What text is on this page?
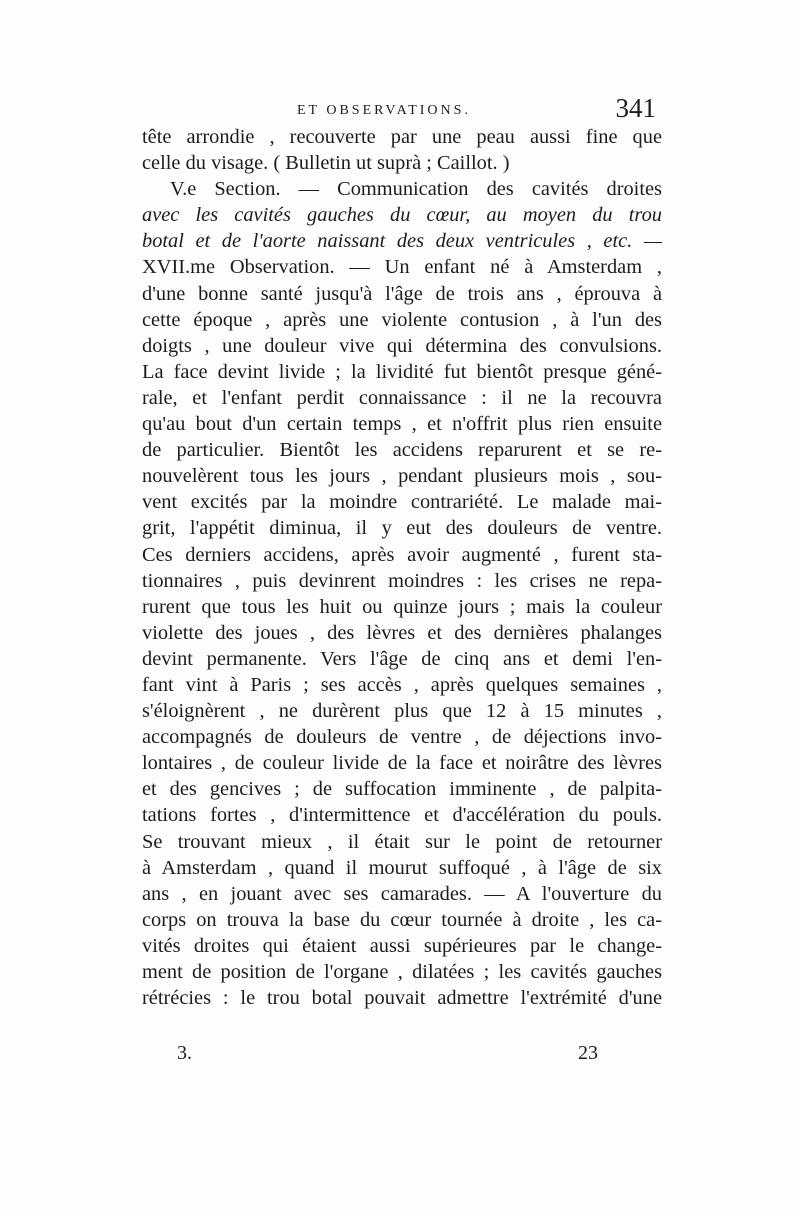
ET OBSERVATIONS.	341
tête arrondie , recouverte par une peau aussi fine que
celle du visage. ( Bulletin ut suprà ; Caillot. )
V.e Section. — Communication des cavités droites
avec les cavités gauches du cœur, au moyen du trou
botal et de l'aorte naissant des deux ventricules , etc. —
XVII.me Observation. — Un enfant né à Amsterdam ,
d'une bonne santé jusqu'à l'âge de trois ans , éprouva à
cette époque , après une violente contusion , à l'un des
doigts , une douleur vive qui détermina des convulsions.
La face devint livide ; la lividité fut bientôt presque géné-
rale, et l'enfant perdit connaissance : il ne la recouvra
qu'au bout d'un certain temps , et n'offrit plus rien ensuite
de particulier. Bientôt les accidens reparurent et se re-
nouvelèrent tous les jours , pendant plusieurs mois , sou-
vent excités par la moindre contrariété. Le malade mai-
grit, l'appétit diminua, il y eut des douleurs de ventre.
Ces derniers accidens, après avoir augmenté , furent sta-
tionnaires , puis devinrent moindres : les crises ne repa-
rurent que tous les huit ou quinze jours ; mais la couleur
violette des joues , des lèvres et des dernières phalanges
devint permanente. Vers l'âge de cinq ans et demi l'en-
fant vint à Paris ; ses accès , après quelques semaines ,
s'éloignèrent , ne durèrent plus que 12 à 15 minutes ,
accompagnés de douleurs de ventre , de déjections invo-
lontaires , de couleur livide de la face et noirâtre des lèvres
et des gencives ; de suffocation imminente , de palpita-
tations fortes , d'intermittence et d'accélération du pouls.
Se trouvant mieux , il était sur le point de retourner
à Amsterdam , quand il mourut suffoqué , à l'âge de six
ans , en jouant avec ses camarades. — A l'ouverture du
corps on trouva la base du cœur tournée à droite , les ca-
vités droites qui étaient aussi supérieures par le change-
ment de position de l'organe , dilatées ; les cavités gauches
rétrécies : le trou botal pouvait admettre l'extrémité d'une
3.	23
